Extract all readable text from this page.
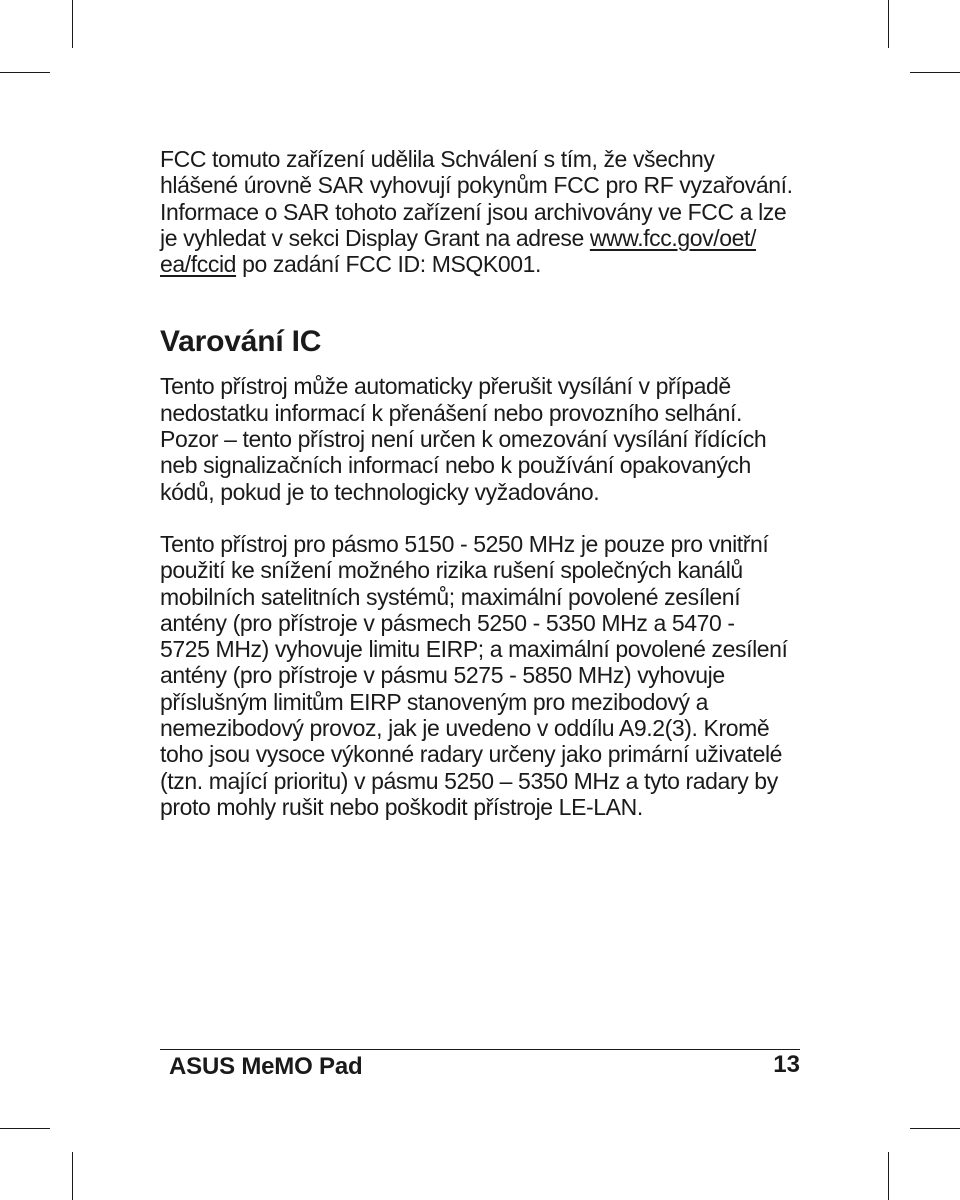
FCC tomuto zařízení udělila Schválení s tím, že všechny
hlášené úrovně SAR vyhovují pokynům FCC pro RF vyzařování.
Informace o SAR tohoto zařízení jsou archivovány ve FCC a lze
je vyhledat v sekci Display Grant na adrese www.fcc.gov/oet/
ea/fccid po zadání FCC ID: MSQK001.
Varování IC
Tento přístroj může automaticky přerušit vysílání v případě
nedostatku informací k přenášení nebo provozního selhání.
Pozor – tento přístroj není určen k omezování vysílání řídících
neb signalizačních informací nebo k používání opakovaných
kódů, pokud je to technologicky vyžadováno.
Tento přístroj pro pásmo 5150 - 5250 MHz je pouze pro vnitřní
použití ke snížení možného rizika rušení společných kanálů
mobilních satelitních systémů; maximální povolené zesílení
antény (pro přístroje v pásmech 5250 - 5350 MHz a 5470 -
5725 MHz) vyhovuje limitu EIRP; a maximální povolené zesílení
antény (pro přístroje v pásmu 5275 - 5850 MHz) vyhovuje
příslušným limitům EIRP stanoveným pro mezibodový a
nemezibodový provoz, jak je uvedeno v oddílu A9.2(3). Kromě
toho jsou vysoce výkonné radary určeny jako primární uživatelé
(tzn. mající prioritu) v pásmu 5250 – 5350 MHz a tyto radary by
proto mohly rušit nebo poškodit přístroje LE-LAN.
ASUS MeMO Pad	13
